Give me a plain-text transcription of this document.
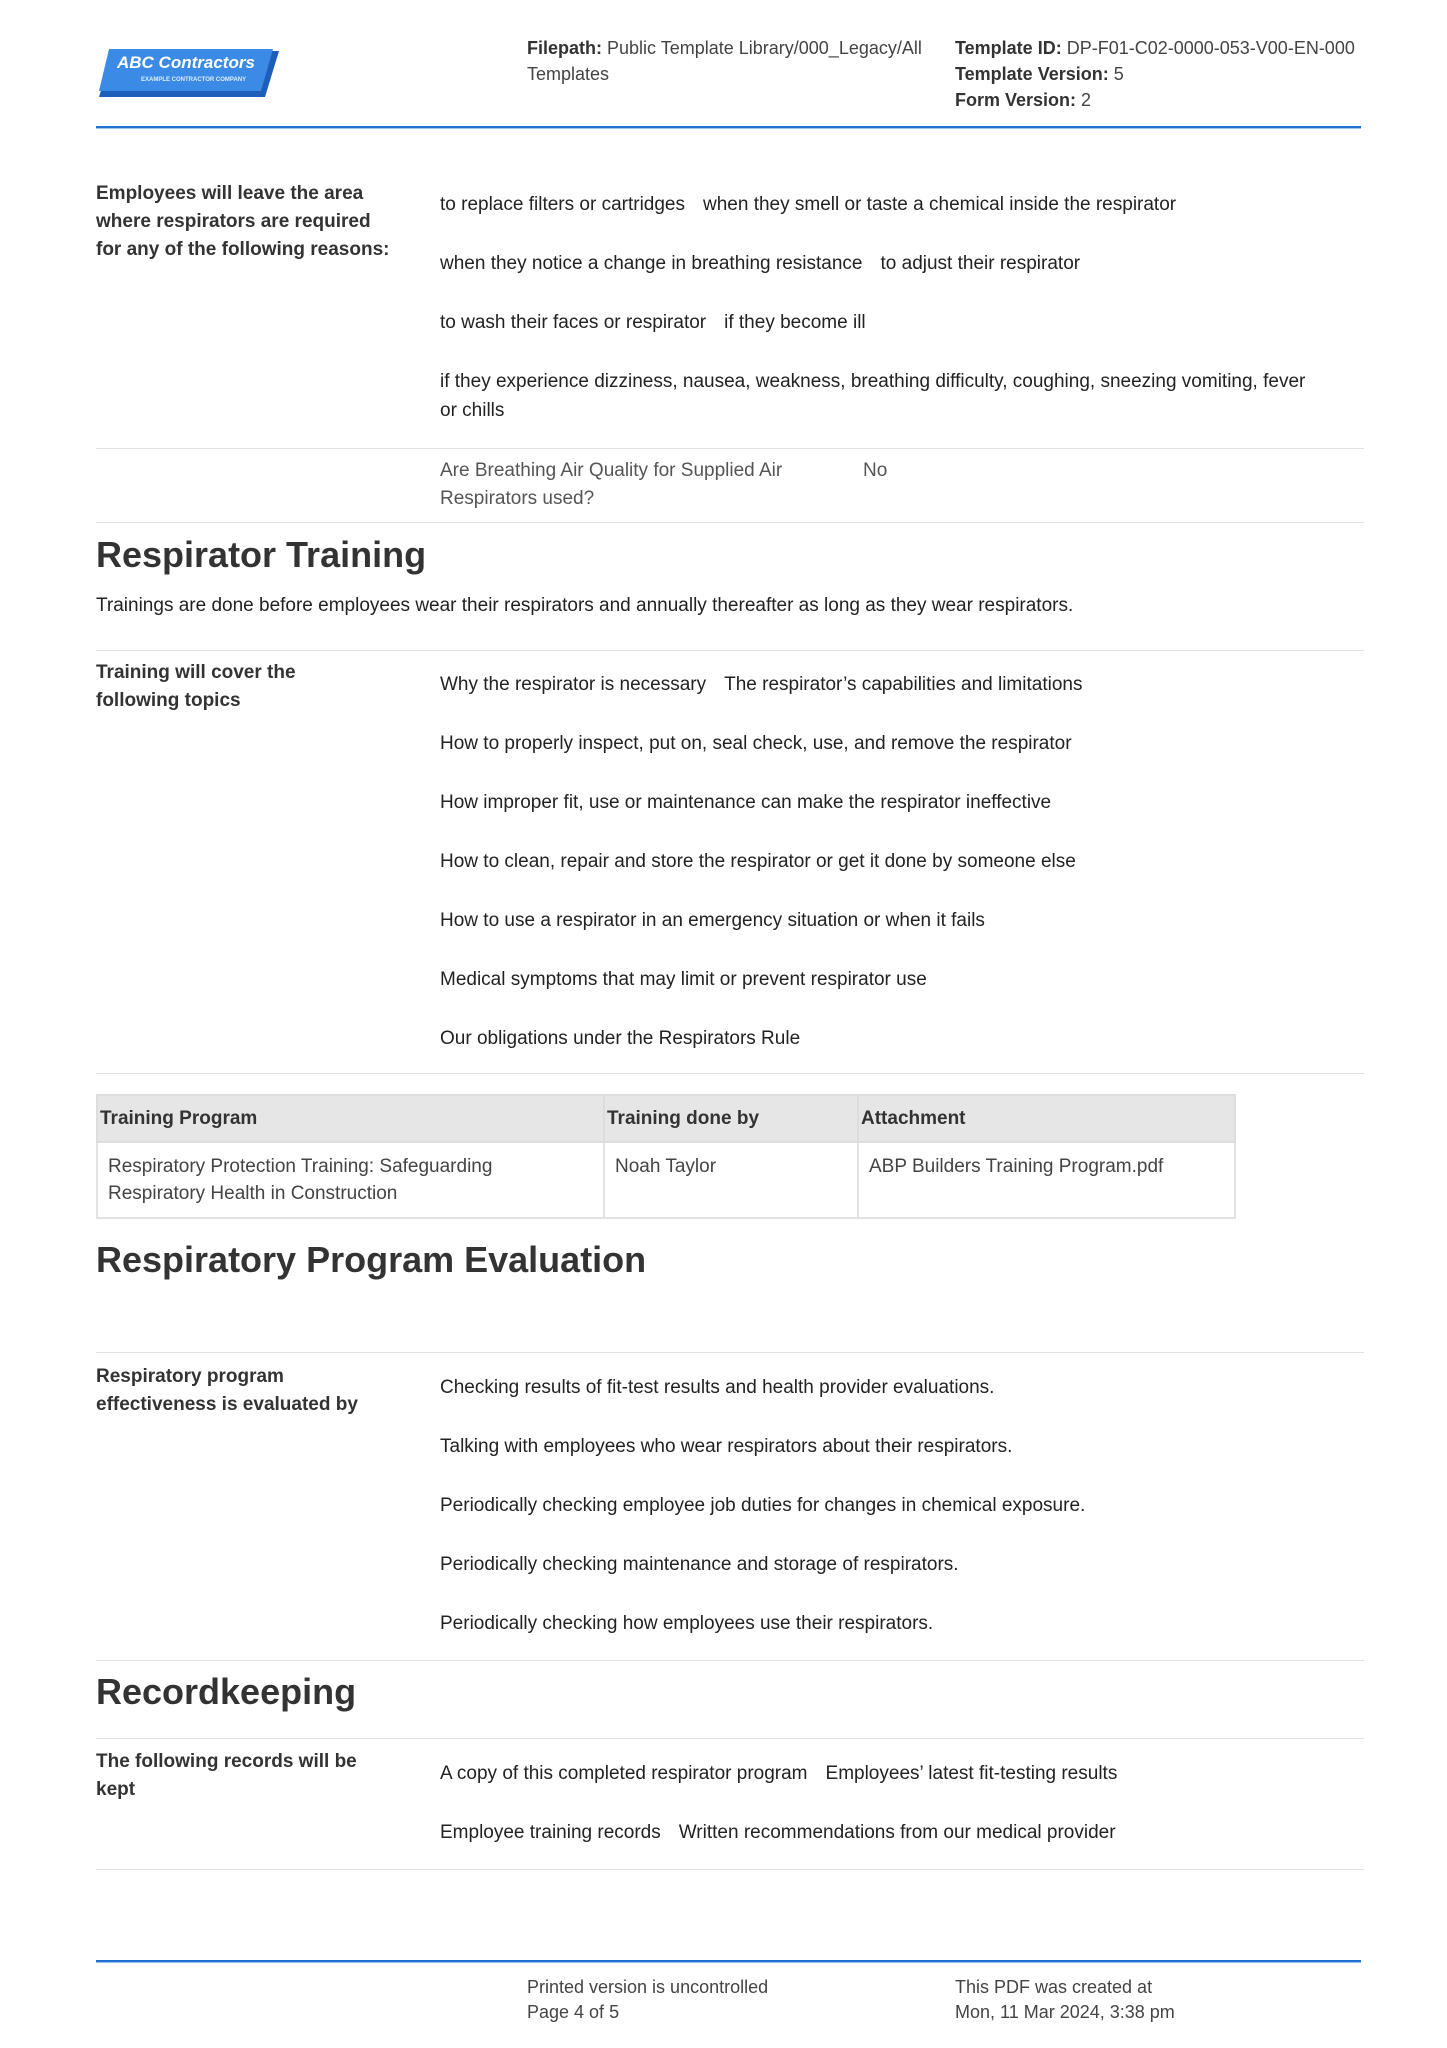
ABC Contractors
EXAMPLE CONTRACTOR COMPANY
Filepath: Public Template Library/000_Legacy/All Templates
Template ID: DP-F01-C02-0000-053-V00-EN-000
Template Version: 5
Form Version: 2
Employees will leave the area where respirators are required for any of the following reasons:
to replace filters or cartridges when they smell or taste a chemical inside the respirator
when they notice a change in breathing resistance to adjust their respirator
to wash their faces or respirator if they become ill
if they experience dizziness, nausea, weakness, breathing difficulty, coughing, sneezing vomiting, fever or chills
Are Breathing Air Quality for Supplied Air Respirators used?
No
Respirator Training
Trainings are done before employees wear their respirators and annually thereafter as long as they wear respirators.
Training will cover the following topics
Why the respirator is necessary The respirator’s capabilities and limitations
How to properly inspect, put on, seal check, use, and remove the respirator
How improper fit, use or maintenance can make the respirator ineffective
How to clean, repair and store the respirator or get it done by someone else
How to use a respirator in an emergency situation or when it fails
Medical symptoms that may limit or prevent respirator use
Our obligations under the Respirators Rule
Training Program	Training done by	Attachment
Respiratory Protection Training: Safeguarding Respiratory Health in Construction	Noah Taylor	ABP Builders Training Program.pdf
Respiratory Program Evaluation
Respiratory program effectiveness is evaluated by
Checking results of fit-test results and health provider evaluations.
Talking with employees who wear respirators about their respirators.
Periodically checking employee job duties for changes in chemical exposure.
Periodically checking maintenance and storage of respirators.
Periodically checking how employees use their respirators.
Recordkeeping
The following records will be kept
A copy of this completed respirator program Employees’ latest fit-testing results
Employee training records Written recommendations from our medical provider
Printed version is uncontrolled
Page 4 of 5
This PDF was created at
Mon, 11 Mar 2024, 3:38 pm
